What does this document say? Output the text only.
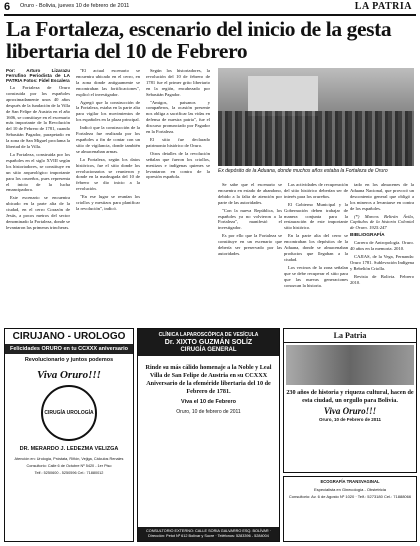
6 Oruro - Bolivia, jueves 10 de febrero de 2011	LA PATRIA
La Fortaleza, escenario del inicio de la gesta libertaria del 10 de Febrero

Por: Arturo Lizarazu Ferrufino Periodista de LA PATRIA Fotos: Fidel Escalera

La Fortaleza de Oruro construida por los españoles aproximadamente unos 40 años después de la fundación de la Villa de San Felipe de Austria en el año 1606, se constituye en el escenario más importante de la Revolución del 10 de Febrero de 1781, cuando Sebastián Pagador, parapetado en la zona de San Miguel proclama la libertad de la Villa.

La Fortaleza, construida por los españoles en el siglo XVIII según los historiadores, se constituye en un sitio arqueológico importante para los orureños, pues representa el inicio de la lucha emancipadora.

Este escenario se encuentra ubicado en la parte alta de la ciudad, en el cerro Corazón de Jesús, a pocos metros del sector denominado la Fortaleza, donde se levantaron las primeras trincheras.

"El actual escenario se encuentra ubicado en el cerro, en la zona donde antiguamente se encontraban las fortificaciones", explicó el investigador.

Agregó que la construcción de la Fortaleza, estaba en la parte alta para vigilar los movimientos de los españoles en la plaza principal.

Indicó que la construcción de la Fortaleza fue realizada por los españoles a fin de contar con un sitio de vigilancia, donde también se almacenaban armas.

La Fortaleza, según los datos históricos, fue el sitio donde los revolucionarios se reunieron y donde en la madrugada del 10 de febrero se dio inicio a la revolución.

"En ese lugar se reunían los criollos y mestizos para planificar la revolución", indicó.

Según los historiadores, la revolución del 10 de febrero de 1781 fue el primer grito libertario en la región, encabezado por Sebastián Pagador.

"Amigos, paisanos y compañeros, la ocasión presente nos obliga a sacrificar las vidas en defensa de nuestra patria", fue el discurso pronunciado por Pagador en la Fortaleza.

El sitio fue declarado patrimonio histórico de Oruro.

Otros detalles de la revolución señalan que fueron los criollos, mestizos e indígenas quienes se levantaron en contra de la opresión española.

Ex depósito de la Aduana, donde muchos años estaba la Fortaleza de Oruro

Se sabe que el escenario se encuentra en estado de abandono, debido a la falta de atención por parte de las autoridades.

"Con la nueva República, los españoles ya no volvieron a la Fortaleza", manifestó el investigador.

Es por ello que la Fortaleza se constituye en un escenario que debería ser preservado por las autoridades.

Las actividades de recuperación del sitio histórico deberían ser de interés para los orureños.

El Gobierno Municipal y la Gobernación deben trabajar de manera conjunta para la restauración de este importante sitio histórico.

En la parte alta del cerro se encontraban los depósitos de la Aduana, donde se almacenaban productos que llegaban a la ciudad.

Los vecinos de la zona señalan que se debe recuperar el sitio para que las nuevas generaciones conozcan la historia.

tado en los almacenes de la Aduana Nacional, que provocó un descontento general que obligó a los mineros a levantarse en contra de los españoles.

(*) Marcos Beltrán Ávila, Capítulos de la historia Colonial de Oruro. 1925:247

BIBLIOGRAFÍA

Carrera de Antropología. Oruro. 40 años en la memoria. 2010.

CAJIAS, de la Vega, Fernanda: Oruro 1781. Sublevación Indígena y Rebelión Criolla.

Revista de Bolivia. Febrero 2010.

CIRUJANO - UROLOGO
Felicidades ORURO en tu CCXXX aniversario
Revolucionario y juntos podemos
Viva Oruro!!!
CIRUGÍA UROLOGÍA
DR. MERARDO J. LEDEZMA VELIZGA
Atención en: Urología, Próstata, Riñón, Vejiga, Cálculos Renales
Consultorio: Calle 6 de Octubre Nº 5420 - 1er Piso
Telf.: 5250600 - 5250596 Cel.: 71880012
CLÍNICA LAPAROSCÓPICA DE VESÍCULA
Dr. XIXTO GUZMÁN SOLÍZ
CIRUGÍA GENERAL
Rinde su más cálido homenaje a la Noble y Leal Villa de San Felipe de Austria en su CCXXX Aniversario de la efeméride libertaria del 10 de Febrero de 1781.
Viva el 10 de Febrero
Oruro, 10 de febrero de 2011
CONSULTORIO EXTERNO: CALLE SORIA GALVARRO ESQ. BOLÍVAR · Dirección: Petot Nº 612 Bolívar y Sucre · Teléfonos: 5283396 - 5284004
La Patria
230 años de historia y riqueza cultural, hacen de esta ciudad, un orgullo para Bolivia.
Viva Oruro!!!
Oruro, 10 de Febrero de 2011
ECOGRAFÍA TRANSVAGINAL
Especialista en Ginecología - Obstetricia
Consultorio: Av. 6 de Agosto Nº 1020 · Telf.: 5273180 Cel.: 71888066
